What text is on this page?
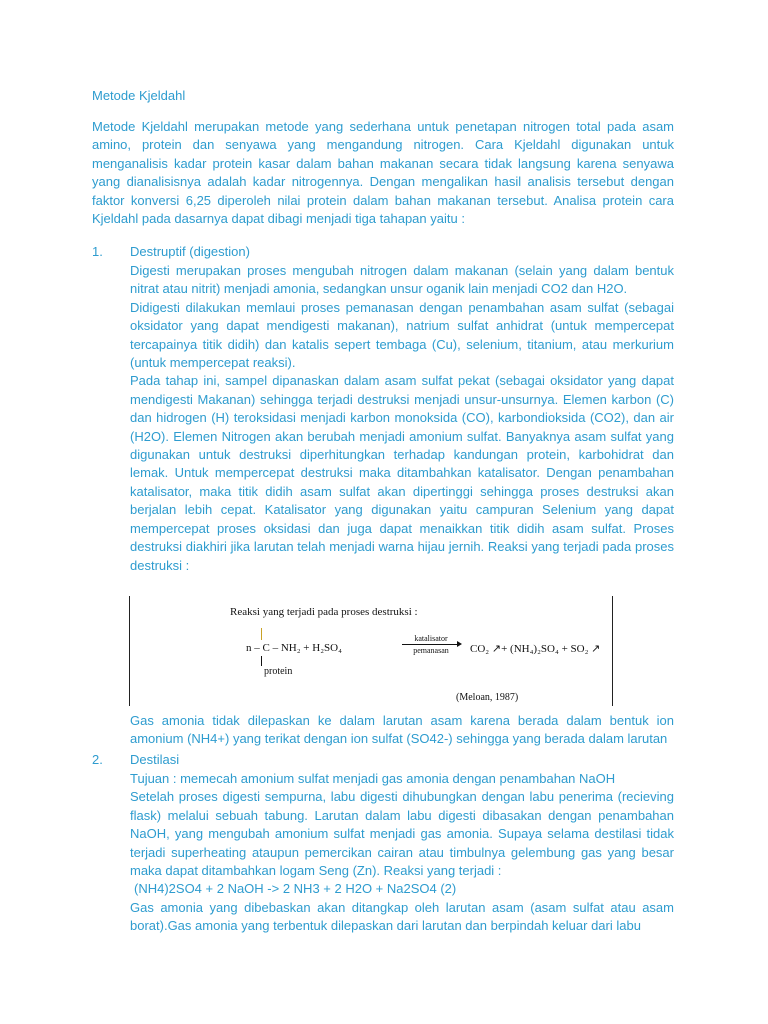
Metode Kjeldahl
Metode Kjeldahl merupakan metode yang sederhana untuk penetapan nitrogen total pada asam amino, protein dan senyawa yang mengandung nitrogen. Cara Kjeldahl digunakan untuk menganalisis kadar protein kasar dalam bahan makanan secara tidak langsung karena senyawa yang dianalisisnya adalah kadar nitrogennya. Dengan mengalikan hasil analisis tersebut dengan faktor konversi 6,25 diperoleh nilai protein dalam bahan makanan tersebut. Analisa protein cara Kjeldahl pada dasarnya dapat dibagi menjadi tiga tahapan yaitu :
1. Destruptif (digestion)

Digesti merupakan proses mengubah nitrogen dalam makanan (selain yang dalam bentuk nitrat atau nitrit) menjadi amonia, sedangkan unsur oganik lain menjadi CO2 dan H2O.

Didigesti dilakukan memlaui proses pemanasan dengan penambahan asam sulfat (sebagai oksidator yang dapat mendigesti makanan), natrium sulfat anhidrat (untuk mempercepat tercapainya titik didih) dan katalis sepert tembaga (Cu), selenium, titanium, atau merkurium (untuk mempercepat reaksi).

Pada tahap ini, sampel dipanaskan dalam asam sulfat pekat (sebagai oksidator yang dapat mendigesti Makanan) sehingga terjadi destruksi menjadi unsur-unsurnya. Elemen karbon (C) dan hidrogen (H) teroksidasi menjadi karbon monoksida (CO), karbondioksida (CO2), dan air (H2O). Elemen Nitrogen akan berubah menjadi amonium sulfat. Banyaknya asam sulfat yang digunakan untuk destruksi diperhitungkan terhadap kandungan protein, karbohidrat dan lemak. Untuk mempercepat destruksi maka ditambahkan katalisator. Dengan penambahan katalisator, maka titik didih asam sulfat akan dipertinggi sehingga proses destruksi akan berjalan lebih cepat. Katalisator yang digunakan yaitu campuran Selenium yang dapat mempercepat proses oksidasi dan juga dapat menaikkan titik didih asam sulfat. Proses destruksi diakhiri jika larutan telah menjadi warna hijau jernih. Reaksi yang terjadi pada proses destruksi :

Reaksi yang terjadi pada proses destruksi :
n – C – NH₂ + H₂SO₄
katalisator
pemanasan	CO₂ ↗+ (NH₄)₂SO₄ + SO₂ ↗
protein
(Meloan, 1987)
Gas amonia tidak dilepaskan ke dalam larutan asam karena berada dalam bentuk ion amonium (NH4+) yang terikat dengan ion sulfat (SO42-) sehingga yang berada dalam larutan
2. Destilasi

Tujuan : memecah amonium sulfat menjadi gas amonia dengan penambahan NaOH

Setelah proses digesti sempurna, labu digesti dihubungkan dengan labu penerima (recieving flask) melalui sebuah tabung. Larutan dalam labu digesti dibasakan dengan penambahan NaOH, yang mengubah amonium sulfat menjadi gas amonia. Supaya selama destilasi tidak terjadi superheating ataupun pemercikan cairan atau timbulnya gelembung gas yang besar maka dapat ditambahkan logam Seng (Zn). Reaksi yang terjadi :

(NH4)2SO4 + 2 NaOH -> 2 NH3 + 2 H2O + Na2SO4 (2)

Gas amonia yang dibebaskan akan ditangkap oleh larutan asam (asam sulfat atau asam borat).Gas amonia yang terbentuk dilepaskan dari larutan dan berpindah keluar dari labu
